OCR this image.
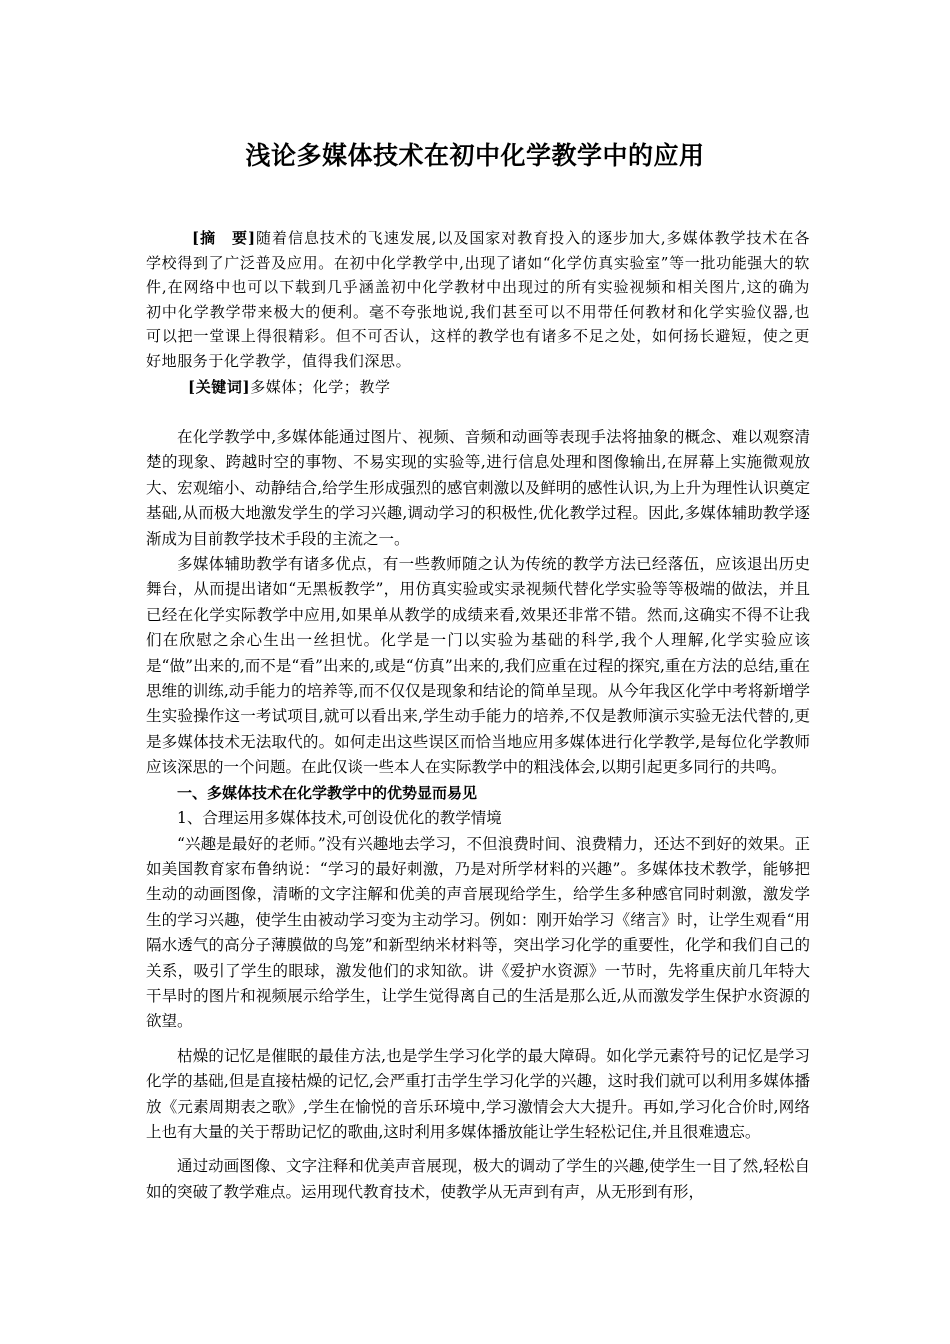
浅论多媒体技术在初中化学教学中的应用
[摘　要]随着信息技术的飞速发展,以及国家对教育投入的逐步加大,多媒体教学技术在各学校得到了广泛普及应用。在初中化学教学中,出现了诸如“化学仿真实验室”等一批功能强大的软件,在网络中也可以下载到几乎涵盖初中化学教材中出现过的所有实验视频和相关图片,这的确为初中化学教学带来极大的便利。毫不夸张地说,我们甚至可以不用带任何教材和化学实验仪器,也可以把一堂课上得很精彩。但不可否认，这样的教学也有诸多不足之处，如何扬长避短，使之更好地服务于化学教学，值得我们深思。
[关键词]多媒体；化学；教学

在化学教学中,多媒体能通过图片、视频、音频和动画等表现手法将抽象的概念、难以观察清楚的现象、跨越时空的事物、不易实现的实验等,进行信息处理和图像输出,在屏幕上实施微观放大、宏观缩小、动静结合,给学生形成强烈的感官刺激以及鲜明的感性认识,为上升为理性认识奠定基础,从而极大地激发学生的学习兴趣,调动学习的积极性,优化教学过程。因此,多媒体辅助教学逐渐成为目前教学技术手段的主流之一。

多媒体辅助教学有诸多优点，有一些教师随之认为传统的教学方法已经落伍，应该退出历史舞台，从而提出诸如“无黑板教学”，用仿真实验或实录视频代替化学实验等等极端的做法，并且已经在化学实际教学中应用,如果单从教学的成绩来看,效果还非常不错。然而,这确实不得不让我们在欣慰之余心生出一丝担忧。化学是一门以实验为基础的科学,我个人理解,化学实验应该是“做”出来的,而不是“看”出来的,或是“仿真”出来的,我们应重在过程的探究,重在方法的总结,重在思维的训练,动手能力的培养等,而不仅仅是现象和结论的简单呈现。从今年我区化学中考将新增学生实验操作这一考试项目,就可以看出来,学生动手能力的培养,不仅是教师演示实验无法代替的,更是多媒体技术无法取代的。如何走出这些误区而恰当地应用多媒体进行化学教学,是每位化学教师应该深思的一个问题。在此仅谈一些本人在实际教学中的粗浅体会,以期引起更多同行的共鸣。

一、多媒体技术在化学教学中的优势显而易见

1、合理运用多媒体技术,可创设优化的教学情境

“兴趣是最好的老师。”没有兴趣地去学习，不但浪费时间、浪费精力，还达不到好的效果。正如美国教育家布鲁纳说：“学习的最好刺激，乃是对所学材料的兴趣”。多媒体技术教学，能够把生动的动画图像，清晰的文字注解和优美的声音展现给学生，给学生多种感官同时刺激，激发学生的学习兴趣，使学生由被动学习变为主动学习。例如：刚开始学习《绪言》时，让学生观看“用隔水透气的高分子薄膜做的鸟笼”和新型纳米材料等，突出学习化学的重要性，化学和我们自己的关系，吸引了学生的眼球，激发他们的求知欲。讲《爱护水资源》一节时，先将重庆前几年特大干旱时的图片和视频展示给学生，让学生觉得离自己的生活是那么近,从而激发学生保护水资源的欲望。

枯燥的记忆是催眠的最佳方法,也是学生学习化学的最大障碍。如化学元素符号的记忆是学习化学的基础,但是直接枯燥的记忆,会严重打击学生学习化学的兴趣，这时我们就可以利用多媒体播放《元素周期表之歌》,学生在愉悦的音乐环境中,学习激情会大大提升。再如,学习化合价时,网络上也有大量的关于帮助记忆的歌曲,这时利用多媒体播放能让学生轻松记住,并且很难遗忘。

通过动画图像、文字注释和优美声音展现，极大的调动了学生的兴趣,使学生一目了然,轻松自如的突破了教学难点。运用现代教育技术，使教学从无声到有声，从无形到有形，
